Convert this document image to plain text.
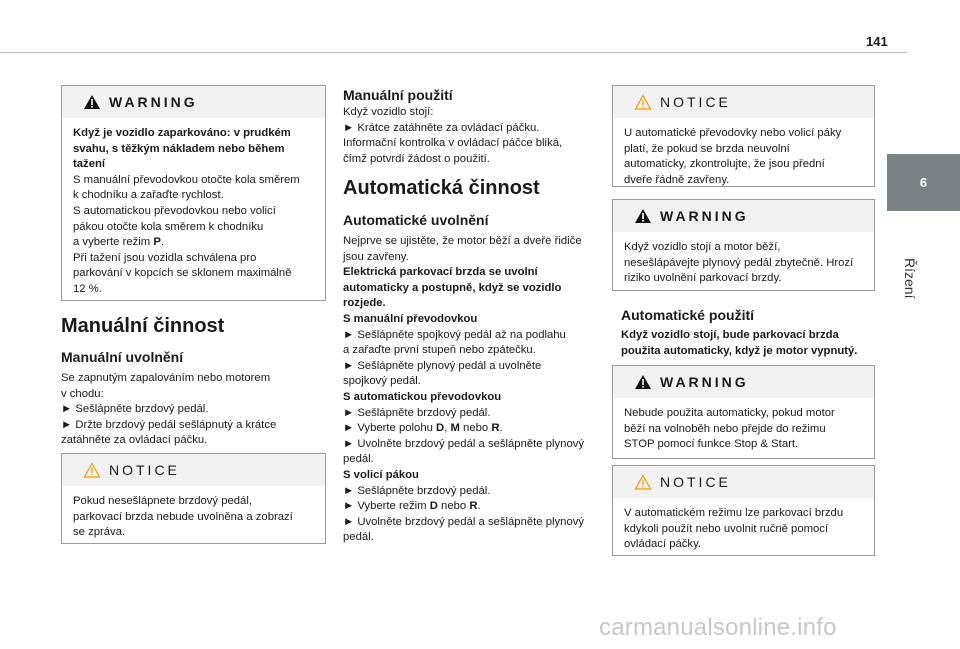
141
6
Řízení
WARNING
Když je vozidlo zaparkováno: v prudkém
svahu, s těžkým nákladem nebo během
tažení
S manuální převodovkou otočte kola směrem
k chodníku a zařaďte rychlost.
S automatickou převodovkou nebo volicí
pákou otočte kola směrem k chodníku
a vyberte režim P.
Při tažení jsou vozidla schválena pro
parkování v kopcích se sklonem maximálně
12 %.
Manuální činnost
Manuální uvolnění
Se zapnutým zapalováním nebo motorem
v chodu:
► Sešlápněte brzdový pedál.
► Držte brzdový pedál sešlápnutý a krátce
zatáhněte za ovládací páčku.
NOTICE
Pokud nesešlápnete brzdový pedál,
parkovací brzda nebude uvolněna a zobrazí
se zpráva.
Manuální použití
Když vozidlo stojí:
► Krátce zatáhněte za ovládací páčku.
Informační kontrolka v ovládací páčce bliká,
čímž potvrdí žádost o použití.
Automatická činnost
Automatické uvolnění
Nejprve se ujistěte, že motor běží a dveře řidiče
jsou zavřeny.
Elektrická parkovací brzda se uvolní
automaticky a postupně, když se vozidlo
rozjede.
S manuální převodovkou
► Sešlápněte spojkový pedál až na podlahu
a zařaďte první stupeň nebo zpátečku.
► Sešlápněte plynový pedál a uvolněte
spojkový pedál.
S automatickou převodovkou
► Sešlápněte brzdový pedál.
► Vyberte polohu D, M nebo R.
► Uvolněte brzdový pedál a sešlápněte plynový
pedál.
S volicí pákou
► Sešlápněte brzdový pedál.
► Vyberte režim D nebo R.
► Uvolněte brzdový pedál a sešlápněte plynový
pedál.
NOTICE
U automatické převodovky nebo volicí páky
platí, že pokud se brzda neuvolní
automaticky, zkontrolujte, že jsou přední
dveře řádně zavřeny.
WARNING
Když vozidlo stojí a motor běží,
nesešlápávejte plynový pedál zbytečně. Hrozí
riziko uvolnění parkovací brzdy.
Automatické použití
Když vozidlo stojí, bude parkovací brzda
použita automaticky, když je motor vypnutý.
WARNING
Nebude použita automaticky, pokud motor
běží na volnoběh nebo přejde do režimu
STOP pomocí funkce Stop & Start.
NOTICE
V automatickém režimu lze parkovací brzdu
kdykoli použít nebo uvolnit ručně pomocí
ovládací páčky.
carmanualsonline.info
